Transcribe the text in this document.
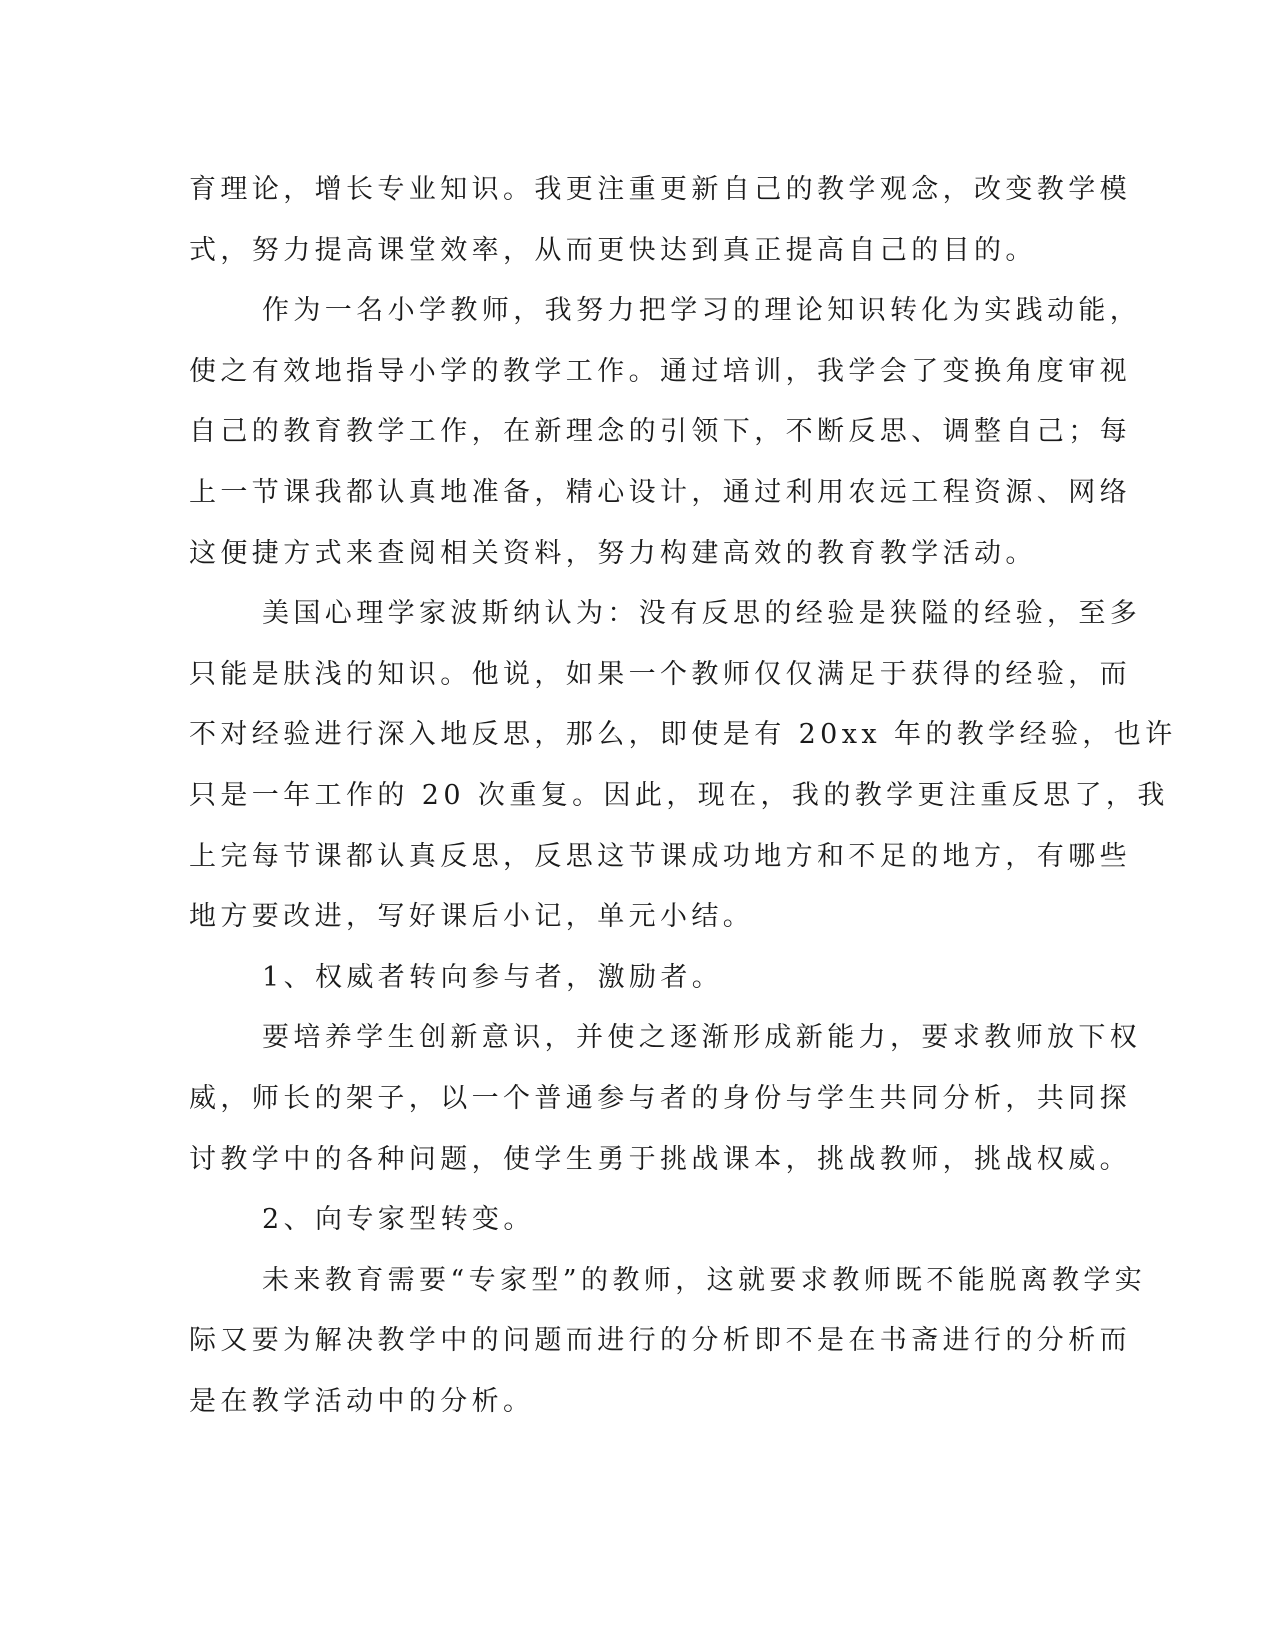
育理论，增长专业知识。我更注重更新自己的教学观念，改变教学模
式，努力提高课堂效率，从而更快达到真正提高自己的目的。
作为一名小学教师，我努力把学习的理论知识转化为实践动能，
使之有效地指导小学的教学工作。通过培训，我学会了变换角度审视
自己的教育教学工作，在新理念的引领下，不断反思、调整自己；每
上一节课我都认真地准备，精心设计，通过利用农远工程资源、网络
这便捷方式来查阅相关资料，努力构建高效的教育教学活动。
美国心理学家波斯纳认为：没有反思的经验是狭隘的经验，至多
只能是肤浅的知识。他说，如果一个教师仅仅满足于获得的经验，而
不对经验进行深入地反思，那么，即使是有 20xx 年的教学经验，也许
只是一年工作的 20 次重复。因此，现在，我的教学更注重反思了，我
上完每节课都认真反思，反思这节课成功地方和不足的地方，有哪些
地方要改进，写好课后小记，单元小结。
1、权威者转向参与者，激励者。
要培养学生创新意识，并使之逐渐形成新能力，要求教师放下权
威，师长的架子，以一个普通参与者的身份与学生共同分析，共同探
讨教学中的各种问题，使学生勇于挑战课本，挑战教师，挑战权威。
2、向专家型转变。
未来教育需要“专家型”的教师，这就要求教师既不能脱离教学实
际又要为解决教学中的问题而进行的分析即不是在书斋进行的分析而
是在教学活动中的分析。
